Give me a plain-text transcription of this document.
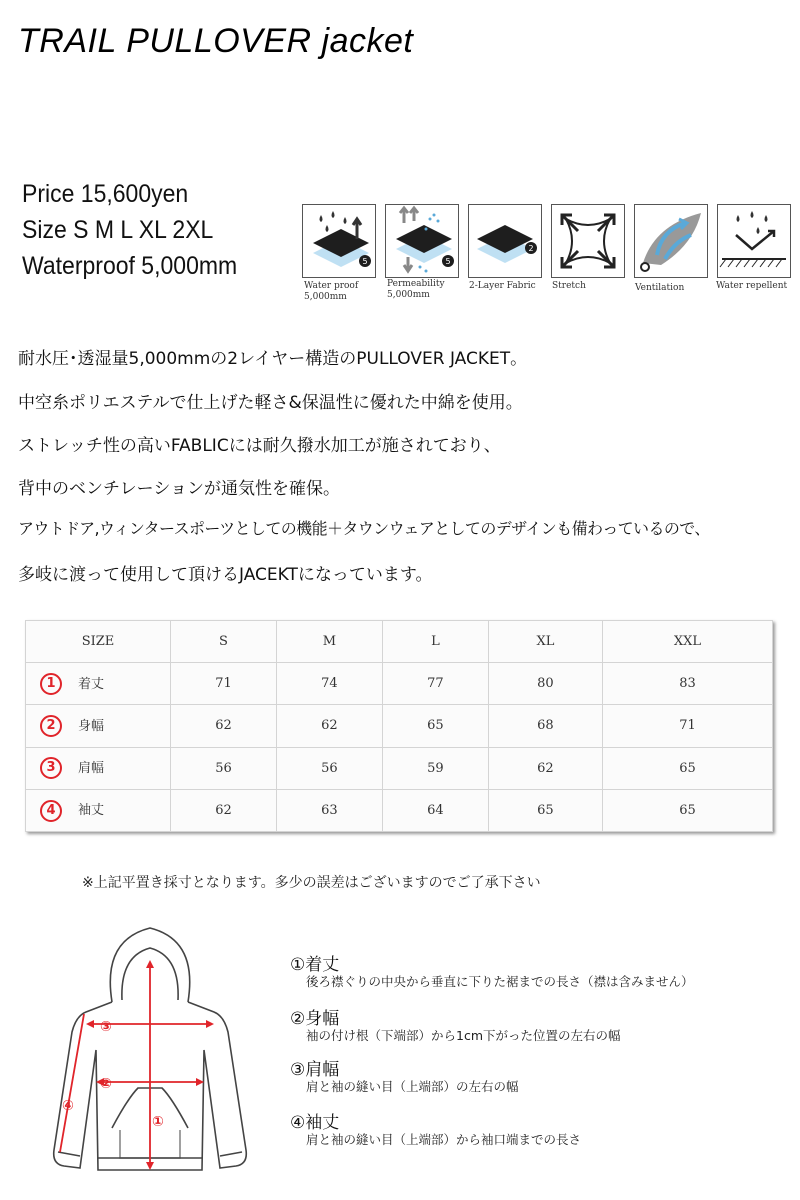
TRAIL PULLOVER jacket
Price 15,600yen
Size S M L XL 2XL
Waterproof 5,000mm	5	5
2
Water proof
5,000mm
Permeability
5,000mm
2-Layer Fabric Stretch	Ventilation	Water repellent
耐水圧･透湿量5,000mmの2レイヤー構造のPULLOVER JACKET。
中空糸ポリエステルで仕上げた軽さ&保温性に優れた中綿を使用。
ストレッチ性の高いFABLICには耐久撥水加工が施されており、
背中のベンチレーションが通気性を確保。
アウトドア,ウィンタースポーツとしての機能＋タウンウェアとしてのデザインも備わっているので、
多岐に渡って使用して頂けるJACEKTになっています。
SIZE	S	M	L	XL	XXL
1 着丈	71	74	77	80	83
2 身幅	62	62	65	68	71
3 肩幅	56	56	59	62	65
4 袖丈	62	63	64	65	65
※上記平置き採寸となります。多少の誤差はございますのでご了承下さい
③
②
①
④
①着丈
後ろ襟ぐりの中央から垂直に下りた裾までの長さ（襟は含みません）
②身幅
袖の付け根（下端部）から1cm下がった位置の左右の幅
③肩幅
肩と袖の縫い目（上端部）の左右の幅
④袖丈
肩と袖の縫い目（上端部）から袖口端までの長さ
